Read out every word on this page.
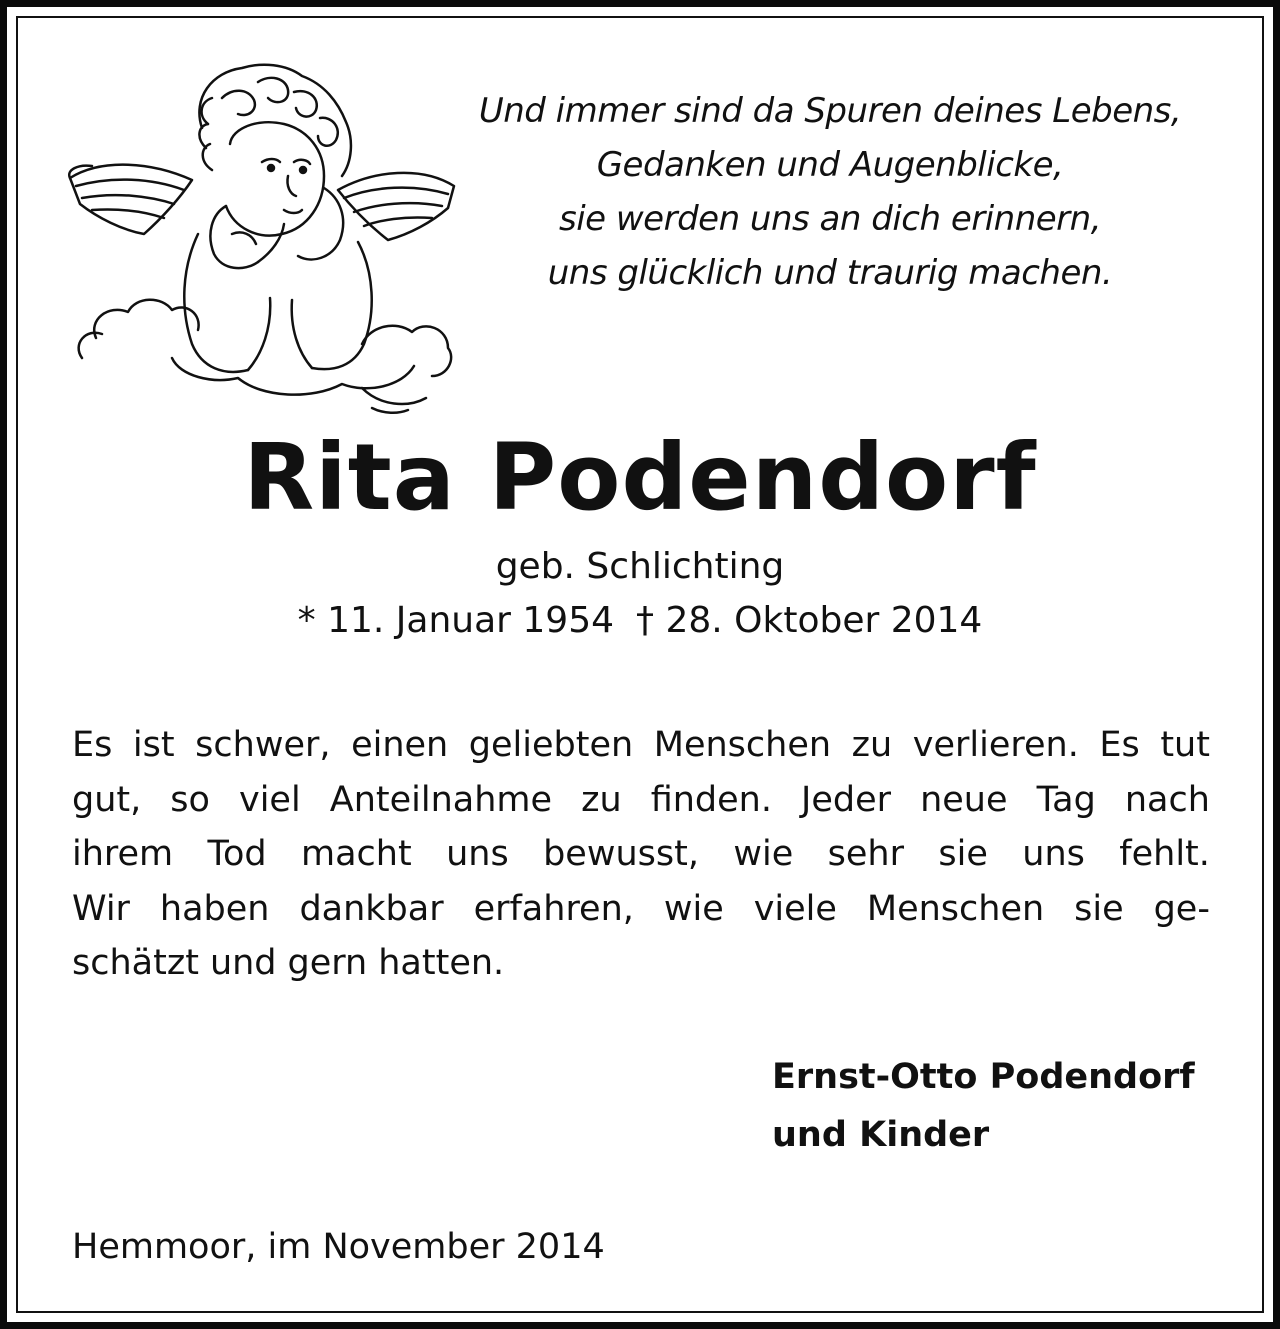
Und immer sind da Spuren deines Lebens,
Gedanken und Augenblicke,
sie werden uns an dich erinnern,
uns glücklich und traurig machen.
Rita Podendorf
geb. Schlichting
* 11. Januar 1954 † 28. Oktober 2014
Es ist schwer, einen geliebten Menschen zu verlieren. Es tut
gut, so viel Anteilnahme zu finden. Jeder neue Tag nach
ihrem Tod macht uns bewusst, wie sehr sie uns fehlt.
Wir haben dankbar erfahren, wie viele Menschen sie ge-
schätzt und gern hatten.
Ernst-Otto Podendorf
und Kinder
Hemmoor, im November 2014
